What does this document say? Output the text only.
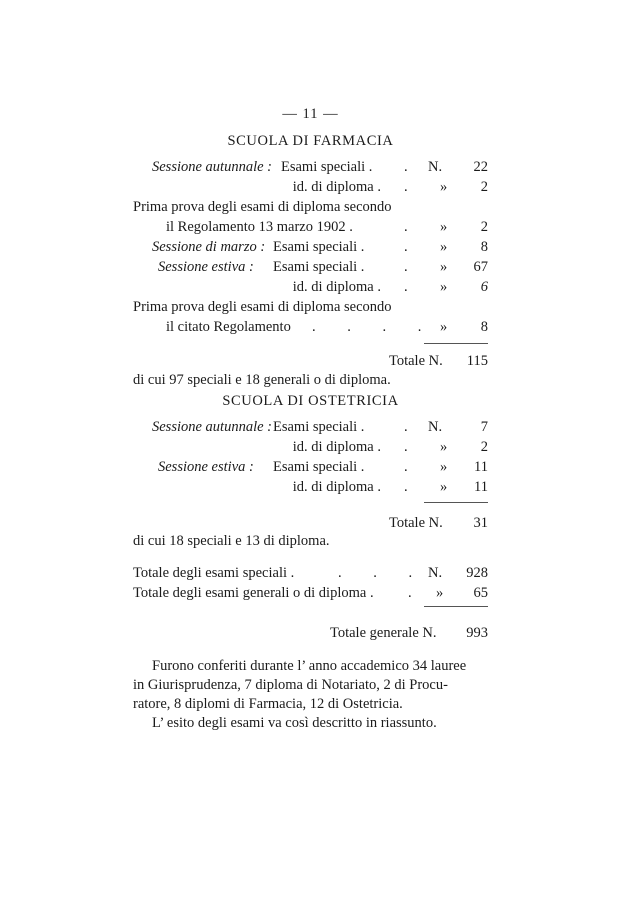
— 11 —
SCUOLA DI FARMACIA
Sessione autunnale : Esami speciali . . N.	22
id. di diploma . . »	2
Prima prova degli esami di diploma secondo
il Regolamento 13 marzo 1902 .	. »	2
Sessione di marzo : Esami speciali .	. »	8
Sessione estiva : Esami speciali .	. »	67
id. di diploma . . »	6
Prima prova degli esami di diploma secondo
il citato Regolamento . . . . »	8
Totale N.	115
di cui 97 speciali e 18 generali o di diploma.
SCUOLA DI OSTETRICIA
Sessione autunnale : Esami speciali .	. N.	7
id. di diploma . . »	2
Sessione estiva : Esami speciali .	. »	11
id. di diploma . . »	11
Totale N.	31
di cui 18 speciali e 13 di diploma.
Totale degli esami speciali .	. . . N.	928
Totale degli esami generali o di diploma . . »	65
Totale generale N.	993
Furono conferiti durante l’ anno accademico 34 lauree
in Giurisprudenza, 7 diploma di Notariato, 2 di Procu-
ratore, 8 diplomi di Farmacia, 12 di Ostetricia.
L’ esito degli esami va così descritto in riassunto.
